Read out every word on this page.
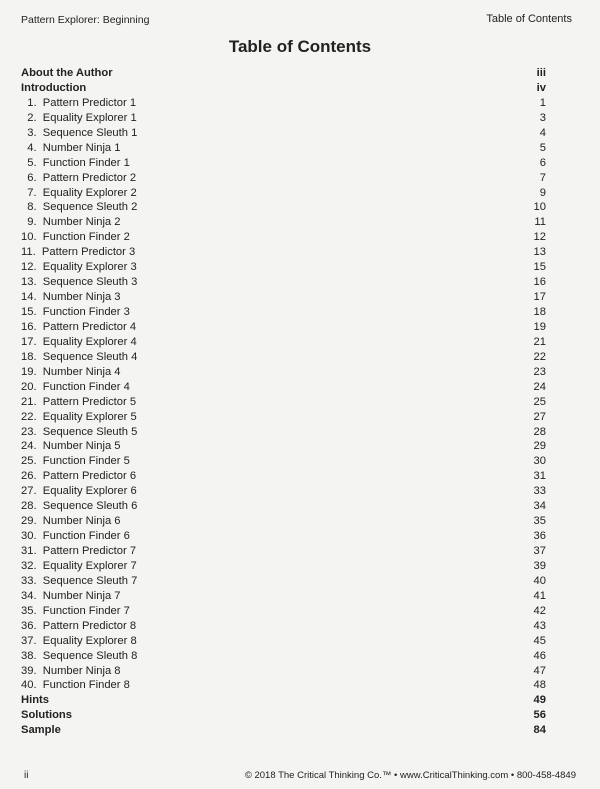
Pattern Explorer: Beginning	Table of Contents
Table of Contents
About the Author	iii
Introduction	iv
1.  Pattern Predictor 1	1
2.  Equality Explorer 1	3
3.  Sequence Sleuth 1	4
4.  Number Ninja 1	5
5.  Function Finder 1	6
6.  Pattern Predictor 2	7
7.  Equality Explorer 2	9
8.  Sequence Sleuth 2	10
9.  Number Ninja 2	11
10.  Function Finder 2	12
11.  Pattern Predictor 3	13
12.  Equality Explorer 3	15
13.  Sequence Sleuth 3	16
14.  Number Ninja 3	17
15.  Function Finder 3	18
16.  Pattern Predictor 4	19
17.  Equality Explorer 4	21
18.  Sequence Sleuth 4	22
19.  Number Ninja 4	23
20.  Function Finder 4	24
21.  Pattern Predictor 5	25
22.  Equality Explorer 5	27
23.  Sequence Sleuth 5	28
24.  Number Ninja 5	29
25.  Function Finder 5	30
26.  Pattern Predictor 6	31
27.  Equality Explorer 6	33
28.  Sequence Sleuth 6	34
29.  Number Ninja 6	35
30.  Function Finder 6	36
31.  Pattern Predictor 7	37
32.  Equality Explorer 7	39
33.  Sequence Sleuth 7	40
34.  Number Ninja 7	41
35.  Function Finder 7	42
36.  Pattern Predictor 8	43
37.  Equality Explorer 8	45
38.  Sequence Sleuth 8	46
39.  Number Ninja 8	47
40.  Function Finder 8	48
Hints	49
Solutions	56
Sample	84
ii	© 2018 The Critical Thinking Co.™ • www.CriticalThinking.com • 800-458-4849
